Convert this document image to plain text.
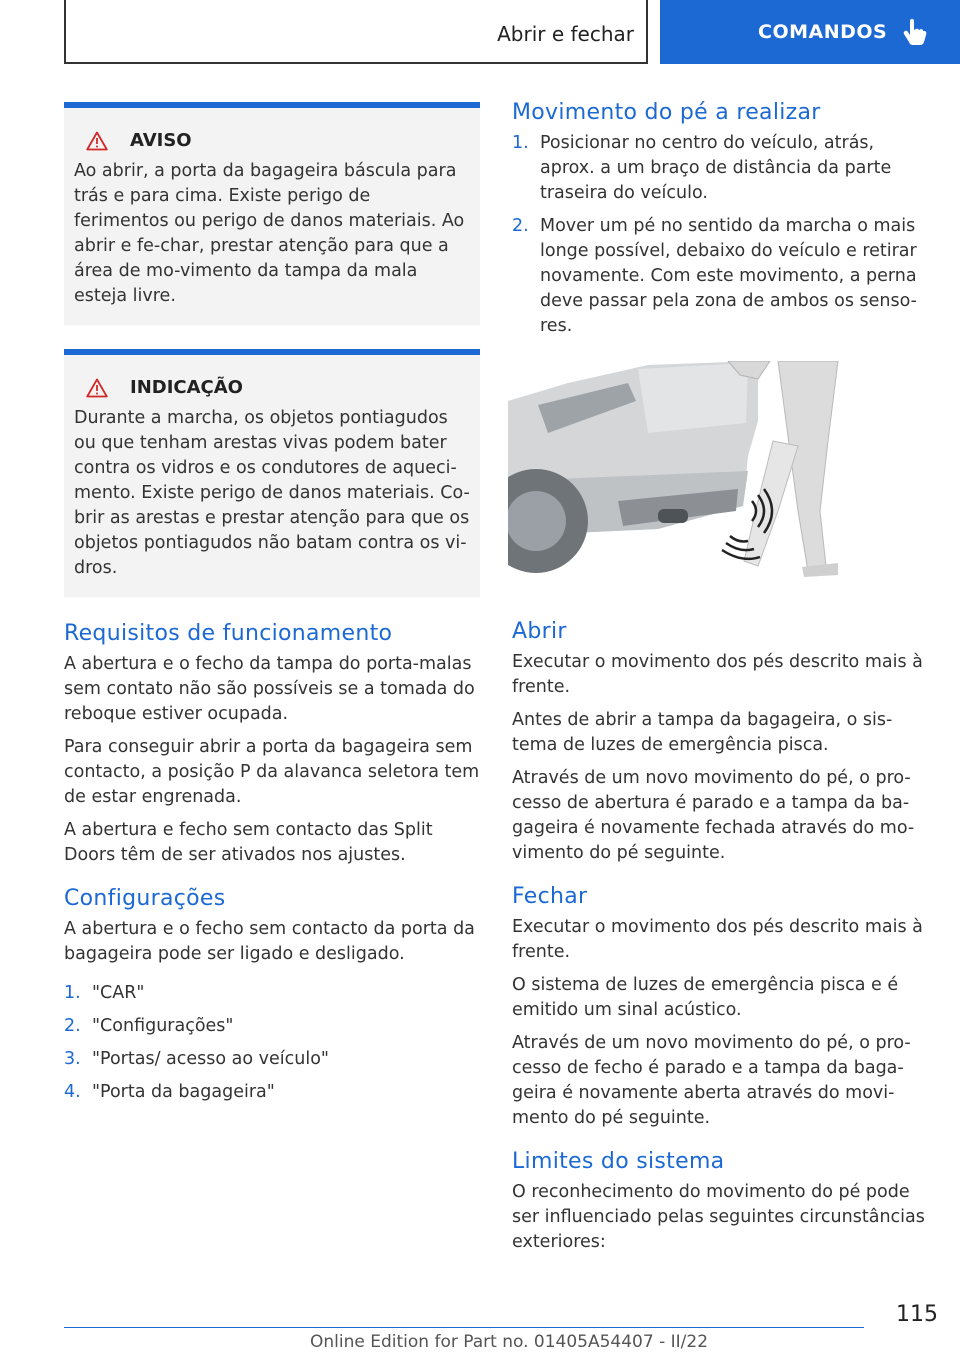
Abrir e fechar	COMANDOS
AVISO
Ao abrir, a porta da bagageira báscula para trás e para cima. Existe perigo de ferimentos ou perigo de danos materiais. Ao abrir e fe-char, prestar atenção para que a área de mo-vimento da tampa da mala esteja livre.
INDICAÇÃO
Durante a marcha, os objetos pontiagudos ou que tenham arestas vivas podem bater contra os vidros e os condutores de aqueci-mento. Existe perigo de danos materiais. Co-brir as arestas e prestar atenção para que os objetos pontiagudos não batam contra os vi-dros.
Requisitos de funcionamento

A abertura e o fecho da tampa do porta-malas sem contato não são possíveis se a tomada do reboque estiver ocupada.

Para conseguir abrir a porta da bagageira sem contacto, a posição P da alavanca seletora tem de estar engrenada.

A abertura e fecho sem contacto das Split Doors têm de ser ativados nos ajustes.

Configurações

A abertura e o fecho sem contacto da porta da bagageira pode ser ligado e desligado.

1. "CAR"
2. "Configurações"
3. "Portas/ acesso ao veículo"
4. "Porta da bagageira"
Movimento do pé a realizar
1. Posicionar no centro do veículo, atrás, aprox. a um braço de distância da parte traseira do veículo.
2. Mover um pé no sentido da marcha o mais longe possível, debaixo do veículo e retirar novamente. Com este movimento, a perna deve passar pela zona de ambos os senso-res.
Abrir

Executar o movimento dos pés descrito mais à frente.

Antes de abrir a tampa da bagageira, o sis-tema de luzes de emergência pisca.

Através de um novo movimento do pé, o pro-cesso de abertura é parado e a tampa da ba-gageira é novamente fechada através do mo-vimento do pé seguinte.

Fechar

Executar o movimento dos pés descrito mais à frente.

O sistema de luzes de emergência pisca e é emitido um sinal acústico.

Através de um novo movimento do pé, o pro-cesso de fecho é parado e a tampa da baga-geira é novamente aberta através do movi-mento do pé seguinte.

Limites do sistema

O reconhecimento do movimento do pé pode ser influenciado pelas seguintes circunstâncias exteriores:

115
Online Edition for Part no. 01405A54407 - II/22
